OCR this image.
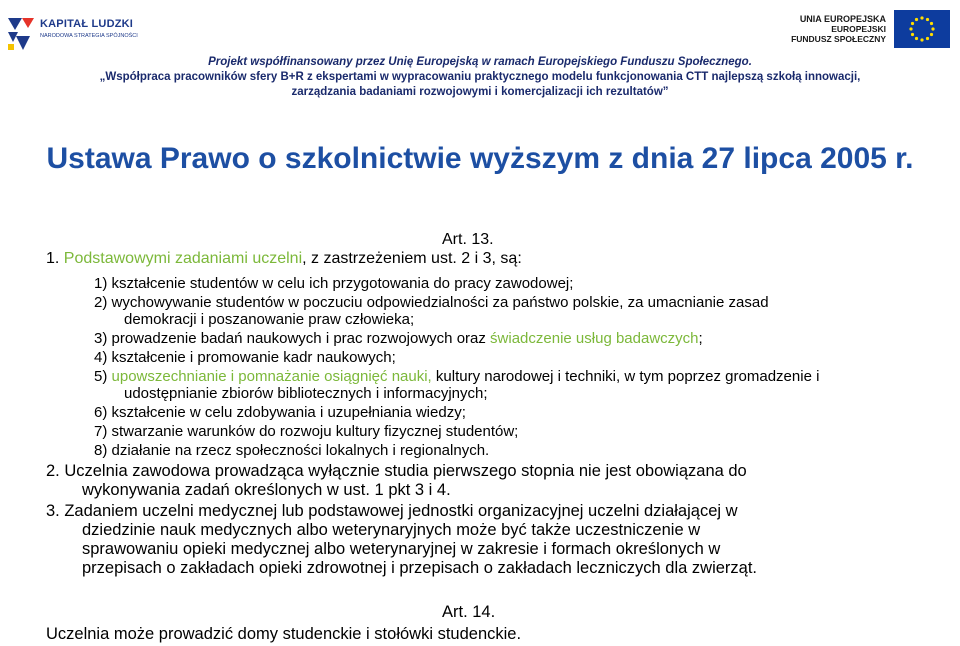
KAPITAŁ LUDZKI
NARODOWA STRATEGIA SPÓJNOŚCI
UNIA EUROPEJSKA
EUROPEJSKI
FUNDUSZ SPOŁECZNY
Projekt współfinansowany przez Unię Europejską w ramach Europejskiego Funduszu Społecznego.
„Współpraca pracowników sfery B+R z ekspertami w wypracowaniu praktycznego modelu funkcjonowania CTT najlepszą szkołą innowacji,
zarządzania badaniami rozwojowymi i komercjalizacji ich rezultatów”
Ustawa Prawo o szkolnictwie wyższym z dnia 27 lipca 2005 r.
Art. 13.
1. Podstawowymi zadaniami uczelni, z zastrzeżeniem ust. 2 i 3, są:
1) kształcenie studentów w celu ich przygotowania do pracy zawodowej;
2) wychowywanie studentów w poczuciu odpowiedzialności za państwo polskie, za umacnianie zasad
demokracji i poszanowanie praw człowieka;
3) prowadzenie badań naukowych i prac rozwojowych oraz świadczenie usług badawczych;
4) kształcenie i promowanie kadr naukowych;
5) upowszechnianie i pomnażanie osiągnięć nauki, kultury narodowej i techniki, w tym poprzez gromadzenie i
udostępnianie zbiorów bibliotecznych i informacyjnych;
6) kształcenie w celu zdobywania i uzupełniania wiedzy;
7) stwarzanie warunków do rozwoju kultury fizycznej studentów;
8) działanie na rzecz społeczności lokalnych i regionalnych.
2. Uczelnia zawodowa prowadząca wyłącznie studia pierwszego stopnia nie jest obowiązana do
wykonywania zadań określonych w ust. 1 pkt 3 i 4.
3. Zadaniem uczelni medycznej lub podstawowej jednostki organizacyjnej uczelni działającej w
dziedzinie nauk medycznych albo weterynaryjnych może być także uczestniczenie w
sprawowaniu opieki medycznej albo weterynaryjnej w zakresie i formach określonych w
przepisach o zakładach opieki zdrowotnej i przepisach o zakładach leczniczych dla zwierząt.
Art. 14.
Uczelnia może prowadzić domy studenckie i stołówki studenckie.
